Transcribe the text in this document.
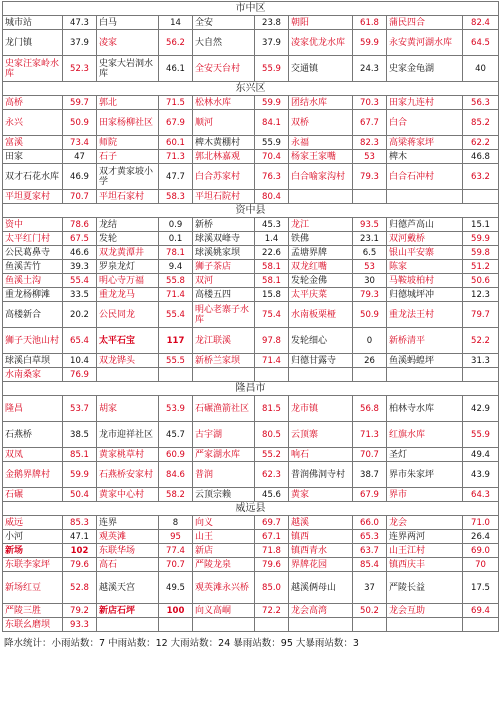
市中区									
城市站	47.3	白马	14	全安	23.8	朝阳	61.8	蒲民四合	82.4
龙门镇	37.9	凌家	56.2	大自然	37.9	凌家优龙水库	59.9	永安黄河湖水库	64.5
史家汪家岭水库	52.3	史家大岩洞水库	46.1	全安天台村	55.9	交通镇	24.3	史家金龟湖	40
东兴区									
高桥	59.7	郭北	71.5	松林水库	59.9	团结水库	70.3	田家九连村	56.3
永兴	50.9	田家杨柳社区	67.9	顺河	84.1	双桥	67.7	白合	85.2
富溪	73.4	师院	60.1	椑木黄棚村	55.9	永福	82.3	高梁蒋家坪	62.2
田家	47	石子	71.3	郭北林嘉观	70.4	杨家王家嘴	53	椑木	46.8
双才石花水库	46.9	双才黄家坡小学	47.7	白合苏家村	76.3	白合喻家沟村	79.3	白合石冲村	63.2
平坦夏家村	70.7	平坦石家村	58.3	平坦石院村	80.4				
资中县									
资中	78.6	龙结	0.9	新桥	45.3	龙江	93.5	归德芦高山	15.1
太平红门村	67.5	发轮	0.1	球溪双峰寺	1.4	铁佛	23.1	双河戴桥	59.9
公民葛鼻寺	46.6	双龙黄潭井	78.1	球溪姚家坝	22.6	孟塘界牌	6.5	银山平安寨	59.8
鱼溪苦竹	39.3	罗泉龙灯	9.4	狮子茶店	58.1	双龙红嘴	53	陈家	51.2
鱼溪土沟	55.4	明心寺万福	55.8	双河	58.1	发轮金佛	30	马鞍坡柏村	50.6
重龙杨柳滩	33.5	重龙龙马	71.4	高楼五四	15.8	太平庆菜	79.3	归德城坪冲	12.3
高楼新合	20.2	公民同龙	55.4	明心老寨子水库	75.4	水南板栗桠	50.9	重龙法王村	79.7
狮子天池山村	65.4	太平石宝	117	龙江联溪	97.8	发轮细心	0	新桥清平	52.2
球溪白草坝	10.4	双龙铧头	55.5	新桥兰家坝	71.4	归德甘露寺	26	鱼溪蚂蝗坪	31.3
水南桑家	76.9								
隆昌市									
隆昌	53.7	胡家	53.9	石碾渔箭社区	81.5	龙市镇	56.8	柏林寺水库	42.9
石燕桥	38.5	龙市迎祥社区	45.7	古宇湖	80.5	云顶寨	71.3	红旗水库	55.9
双凤	85.1	黄家桃草村	60.9	严家湖水库	55.2	响石	70.7	圣灯	49.4
金鹅界牌村	59.9	石燕桥安家村	84.6	普润	62.3	普润佛洞寺村	38.7	界市朱家坪	43.9
石碾	50.4	黄家中心村	58.2	云顶宗赖	45.6	黄家	67.9	界市	64.3
威远县									
威远	85.3	连界	8	向义	69.7	越溪	66.0	龙会	71.0
小河	47.1	观英滩	95	山王	67.1	镇西	65.3	连界两河	26.4
新场	102	东联华场	77.4	新店	71.8	镇西青水	63.7	山王江村	69.0
东联李家坪	79.6	高石	70.7	严陵龙泉	79.6	界牌花园	85.4	镇西庆丰	70
新场红豆	52.8	越溪天宫	49.5	观英滩永兴桥	85.0	越溪俩母山	37	严陵长益	17.5
严陵三胜	79.2	新店石坪	100	向义高峒	72.2	龙会高湾	50.2	龙会互助	69.4
东联幺磨坝	93.3								
降水统计：小雨站数：7 中雨站数：12 大雨站数：24 暴雨站数：95 大暴雨站数：3
